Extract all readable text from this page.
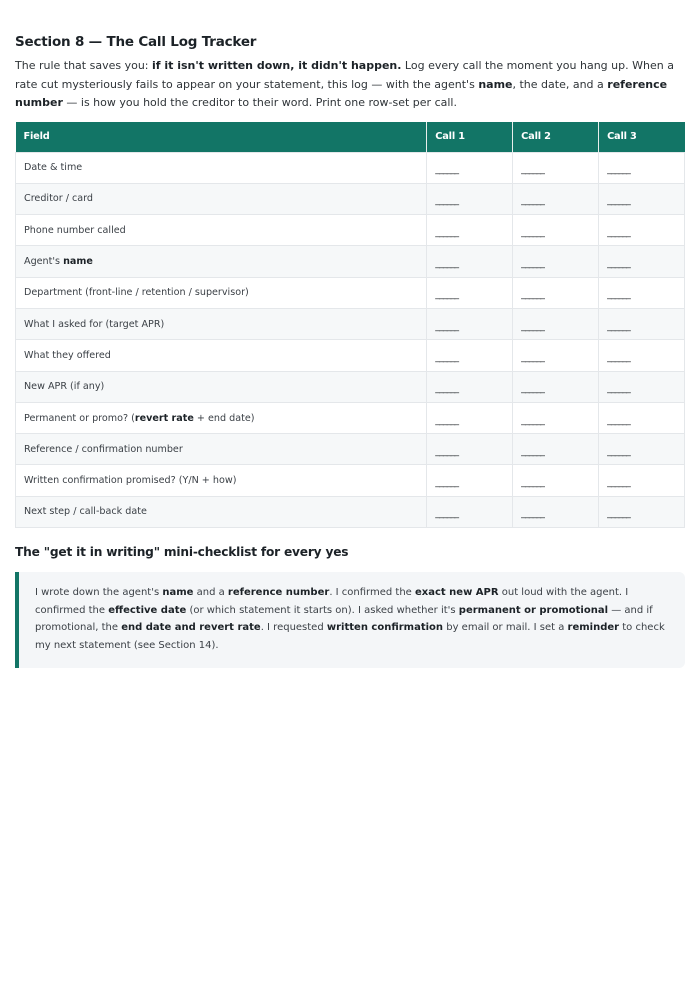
Section 8 — The Call Log Tracker

The rule that saves you: if it isn't written down, it didn't happen. Log every call the moment you hang up. When a rate cut mysteriously fails to appear on your statement, this log — with the agent's name, the date, and a reference number — is how you hold the creditor to their word. Print one row-set per call.

Field	Call 1	Call 2	Call 3
Date & time	______	______	______
Creditor / card	______	______	______
Phone number called	______	______	______
Agent's name	______	______	______
Department (front-line / retention / supervisor)	______	______	______
What I asked for (target APR)	______	______	______
What they offered	______	______	______
New APR (if any)	______	______	______
Permanent or promo? (revert rate + end date)	______	______	______
Reference / confirmation number	______	______	______
Written confirmation promised? (Y/N + how)	______	______	______
Next step / call-back date	______	______	______
The "get it in writing" mini-checklist for every yes

I wrote down the agent's name and a reference number. I confirmed the exact new APR out loud with the agent. I confirmed the effective date (or which statement it starts on). I asked whether it's permanent or promotional — and if promotional, the end date and revert rate. I requested written confirmation by email or mail. I set a reminder to check my next statement (see Section 14).
